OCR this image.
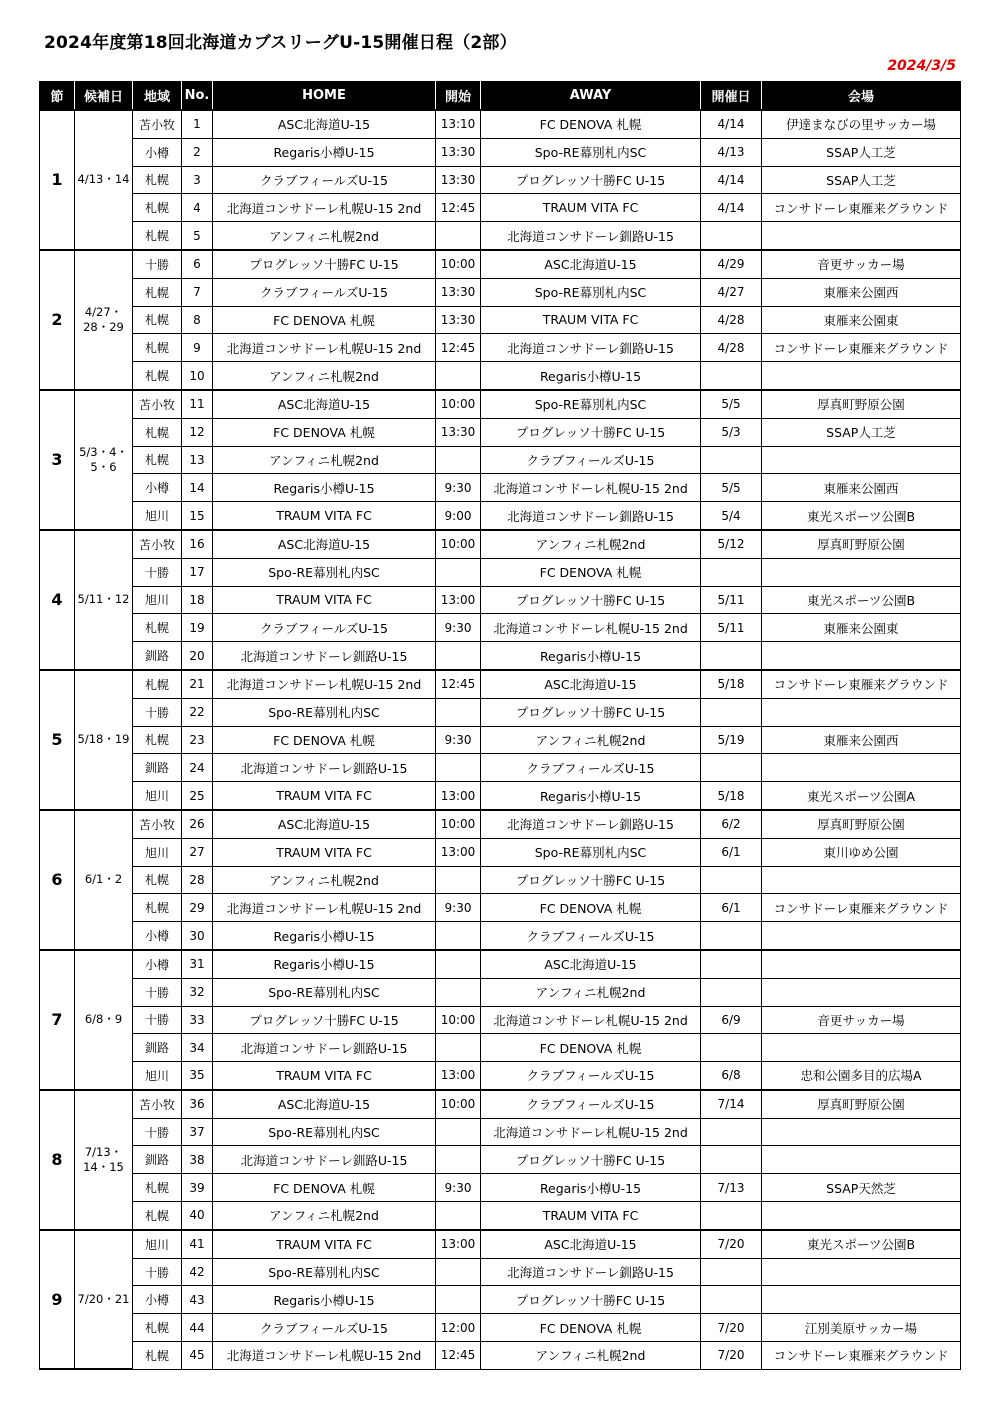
2024年度第18回北海道カブスリーグU-15開催日程（2部）
2024/3/5
節	候補日	地域	No.	HOME	開始	AWAY	開催日	会場
1	4/13・14	苫小牧	1	ASC北海道U-15	13:10	FC DENOVA 札幌	4/14	伊達まなびの里サッカー場
		小樽	2	Regaris小樽U-15	13:30	Spo-RE幕別札内SC	4/13	SSAP人工芝
		札幌	3	クラブフィールズU-15	13:30	プログレッソ十勝FC U-15	4/14	SSAP人工芝
		札幌	4	北海道コンサドーレ札幌U-15 2nd	12:45	TRAUM VITA FC	4/14	コンサドーレ東雁来グラウンド
		札幌	5	アンフィニ札幌2nd		北海道コンサドーレ釧路U-15		
2	4/27・28・29	十勝	6	プログレッソ十勝FC U-15	10:00	ASC北海道U-15	4/29	音更サッカー場
		札幌	7	クラブフィールズU-15	13:30	Spo-RE幕別札内SC	4/27	東雁来公園西
		札幌	8	FC DENOVA 札幌	13:30	TRAUM VITA FC	4/28	東雁来公園東
		札幌	9	北海道コンサドーレ札幌U-15 2nd	12:45	北海道コンサドーレ釧路U-15	4/28	コンサドーレ東雁来グラウンド
		札幌	10	アンフィニ札幌2nd		Regaris小樽U-15		
3	5/3・4・5・6	苫小牧	11	ASC北海道U-15	10:00	Spo-RE幕別札内SC	5/5	厚真町野原公園
		札幌	12	FC DENOVA 札幌	13:30	プログレッソ十勝FC U-15	5/3	SSAP人工芝
		札幌	13	アンフィニ札幌2nd		クラブフィールズU-15		
		小樽	14	Regaris小樽U-15	9:30	北海道コンサドーレ札幌U-15 2nd	5/5	東雁来公園西
		旭川	15	TRAUM VITA FC	9:00	北海道コンサドーレ釧路U-15	5/4	東光スポーツ公園B
4	5/11・12	苫小牧	16	ASC北海道U-15	10:00	アンフィニ札幌2nd	5/12	厚真町野原公園
		十勝	17	Spo-RE幕別札内SC		FC DENOVA 札幌		
		旭川	18	TRAUM VITA FC	13:00	プログレッソ十勝FC U-15	5/11	東光スポーツ公園B
		札幌	19	クラブフィールズU-15	9:30	北海道コンサドーレ札幌U-15 2nd	5/11	東雁来公園東
		釧路	20	北海道コンサドーレ釧路U-15		Regaris小樽U-15		
5	5/18・19	札幌	21	北海道コンサドーレ札幌U-15 2nd	12:45	ASC北海道U-15	5/18	コンサドーレ東雁来グラウンド
		十勝	22	Spo-RE幕別札内SC		プログレッソ十勝FC U-15		
		札幌	23	FC DENOVA 札幌	9:30	アンフィニ札幌2nd	5/19	東雁来公園西
		釧路	24	北海道コンサドーレ釧路U-15		クラブフィールズU-15		
		旭川	25	TRAUM VITA FC	13:00	Regaris小樽U-15	5/18	東光スポーツ公園A
6	6/1・2	苫小牧	26	ASC北海道U-15	10:00	北海道コンサドーレ釧路U-15	6/2	厚真町野原公園
		旭川	27	TRAUM VITA FC	13:00	Spo-RE幕別札内SC	6/1	東川ゆめ公園
		札幌	28	アンフィニ札幌2nd		プログレッソ十勝FC U-15		
		札幌	29	北海道コンサドーレ札幌U-15 2nd	9:30	FC DENOVA 札幌	6/1	コンサドーレ東雁来グラウンド
		小樽	30	Regaris小樽U-15		クラブフィールズU-15		
7	6/8・9	小樽	31	Regaris小樽U-15		ASC北海道U-15		
		十勝	32	Spo-RE幕別札内SC		アンフィニ札幌2nd		
		十勝	33	プログレッソ十勝FC U-15	10:00	北海道コンサドーレ札幌U-15 2nd	6/9	音更サッカー場
		釧路	34	北海道コンサドーレ釧路U-15		FC DENOVA 札幌		
		旭川	35	TRAUM VITA FC	13:00	クラブフィールズU-15	6/8	忠和公園多目的広場A
8	7/13・14・15	苫小牧	36	ASC北海道U-15	10:00	クラブフィールズU-15	7/14	厚真町野原公園
		十勝	37	Spo-RE幕別札内SC		北海道コンサドーレ札幌U-15 2nd		
		釧路	38	北海道コンサドーレ釧路U-15		プログレッソ十勝FC U-15		
		札幌	39	FC DENOVA 札幌	9:30	Regaris小樽U-15	7/13	SSAP天然芝
		札幌	40	アンフィニ札幌2nd		TRAUM VITA FC		
9	7/20・21	旭川	41	TRAUM VITA FC	13:00	ASC北海道U-15	7/20	東光スポーツ公園B
		十勝	42	Spo-RE幕別札内SC		北海道コンサドーレ釧路U-15		
		小樽	43	Regaris小樽U-15		プログレッソ十勝FC U-15		
		札幌	44	クラブフィールズU-15	12:00	FC DENOVA 札幌	7/20	江別美原サッカー場
		札幌	45	北海道コンサドーレ札幌U-15 2nd	12:45	アンフィニ札幌2nd	7/20	コンサドーレ東雁来グラウンド
